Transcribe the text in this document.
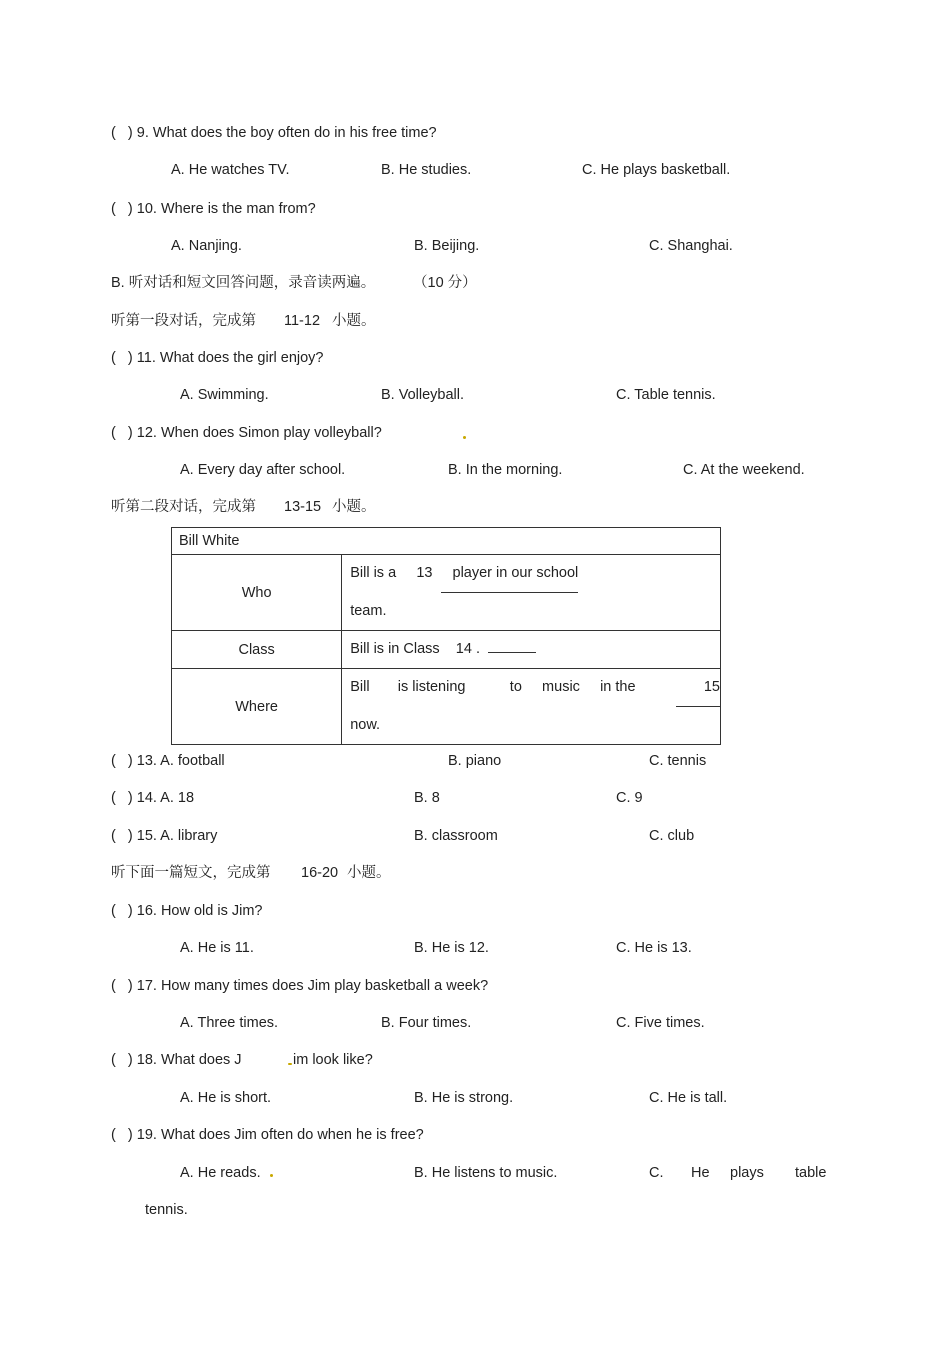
(   ) 9. What does the boy often do in his free time?
A. He watches TV.	B. He studies.	C. He plays basketball.
(   ) 10. Where is the man from?
A. Nanjing.	B. Beijing.	C. Shanghai.
B. 听对话和短文回答问题，录音读两遍。	（10 分）
听第一段对话，完成第 11-12 小题。
(   ) 11. What does the girl enjoy?
A. Swimming.	B. Volleyball.	C. Table tennis.
(   ) 12. When does Simon play volleyball?
A. Every day after school.	B. In the morning.	C. At the weekend.
听第二段对话，完成第 13-15 小题。
Bill White	
Who	Bill is a 13 player in our school
team.

Class	Bill is in Class 14 .
Where	Bill is listening to music in the 15
now.
(   ) 13. A. football	B. piano	C. tennis
(   ) 14. A. 18	B. 8	C. 9
(   ) 15. A. library	B. classroom	C. club
听下面一篇短文，完成第 16-20 小题。
(   ) 16. How old is Jim?
A. He is 11.	B. He is 12.	C. He is 13.
(   ) 17. How many times does Jim play basketball a week?
A. Three times.	B. Four times.	C. Five times.
(   ) 18. What does J	im look like?
A. He is short.	B. He is strong.	C. He is tall.
(   ) 19. What does Jim often do when he is free?
A. He reads.	B. He listens to music.	C. He plays table
tennis.
